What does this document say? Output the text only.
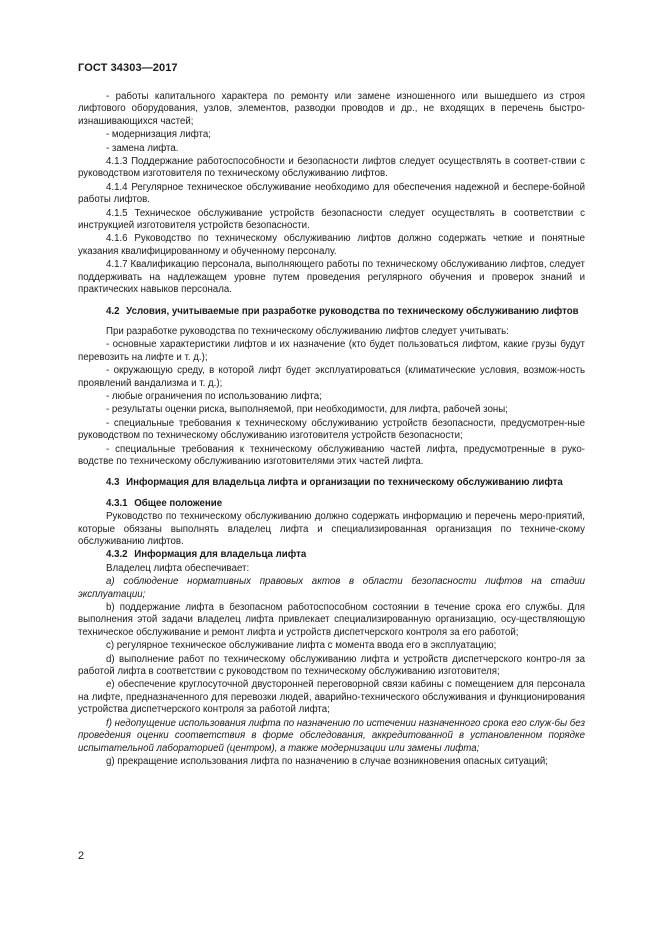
ГОСТ 34303—2017

- работы капитального характера по ремонту или замене изношенного или вышедшего из строя лифтового оборудования, узлов, элементов, разводки проводов и др., не входящих в перечень быстро-изнашивающихся частей;

- модернизация лифта;

- замена лифта.

4.1.3 Поддержание работоспособности и безопасности лифтов следует осуществлять в соответ-ствии с руководством изготовителя по техническому обслуживанию лифтов.

4.1.4 Регулярное техническое обслуживание необходимо для обеспечения надежной и беспере-бойной работы лифтов.

4.1.5 Техническое обслуживание устройств безопасности следует осуществлять в соответствии с инструкцией изготовителя устройств безопасности.

4.1.6 Руководство по техническому обслуживанию лифтов должно содержать четкие и понятные указания квалифицированному и обученному персоналу.

4.1.7 Квалификацию персонала, выполняющего работы по техническому обслуживанию лифтов, следует поддерживать на надлежащем уровне путем проведения регулярного обучения и проверок знаний и практических навыков персонала.

4.2 Условия, учитываемые при разработке руководства по техническому обслуживанию лифтов

При разработке руководства по техническому обслуживанию лифтов следует учитывать:

- основные характеристики лифтов и их назначение (кто будет пользоваться лифтом, какие грузы будут перевозить на лифте и т. д.);

- окружающую среду, в которой лифт будет эксплуатироваться (климатические условия, возмож-ность проявлений вандализма и т. д.);

- любые ограничения по использованию лифта;

- результаты оценки риска, выполняемой, при необходимости, для лифта, рабочей зоны;

- специальные требования к техническому обслуживанию устройств безопасности, предусмотрен-ные руководством по техническому обслуживанию изготовителя устройств безопасности;

- специальные требования к техническому обслуживанию частей лифта, предусмотренные в руко-водстве по техническому обслуживанию изготовителями этих частей лифта.

4.3 Информация для владельца лифта и организации по техническому обслуживанию лифта
4.3.1 Общее положение

Руководство по техническому обслуживанию должно содержать информацию и перечень меро-приятий, которые обязаны выполнять владелец лифта и специализированная организация по техниче-скому обслуживанию лифтов.

4.3.2 Информация для владельца лифта

Владелец лифта обеспечивает:

a) соблюдение нормативных правовых актов в области безопасности лифтов на стадии эксплуатации;

b) поддержание лифта в безопасном работоспособном состоянии в течение срока его службы. Для выполнения этой задачи владелец лифта привлекает специализированную организацию, осу-ществляющую техническое обслуживание и ремонт лифта и устройств диспетчерского контроля за его работой;

c) регулярное техническое обслуживание лифта с момента ввода его в эксплуатацию;

d) выполнение работ по техническому обслуживанию лифта и устройств диспетчерского контро-ля за работой лифта в соответствии с руководством по техническому обслуживанию изготовителя;

e) обеспечение круглосуточной двусторонней переговорной связи кабины с помещением для персонала на лифте, предназначенного для перевозки людей, аварийно-технического обслуживания и функционирования устройства диспетчерского контроля за работой лифта;

f) недопущение использования лифта по назначению по истечении назначенного срока его служ-бы без проведения оценки соответствия в форме обследования, аккредитованной в установленном порядке испытательной лабораторией (центром), а также модернизации или замены лифта;

g) прекращение использования лифта по назначению в случае возникновения опасных ситуаций;

2
